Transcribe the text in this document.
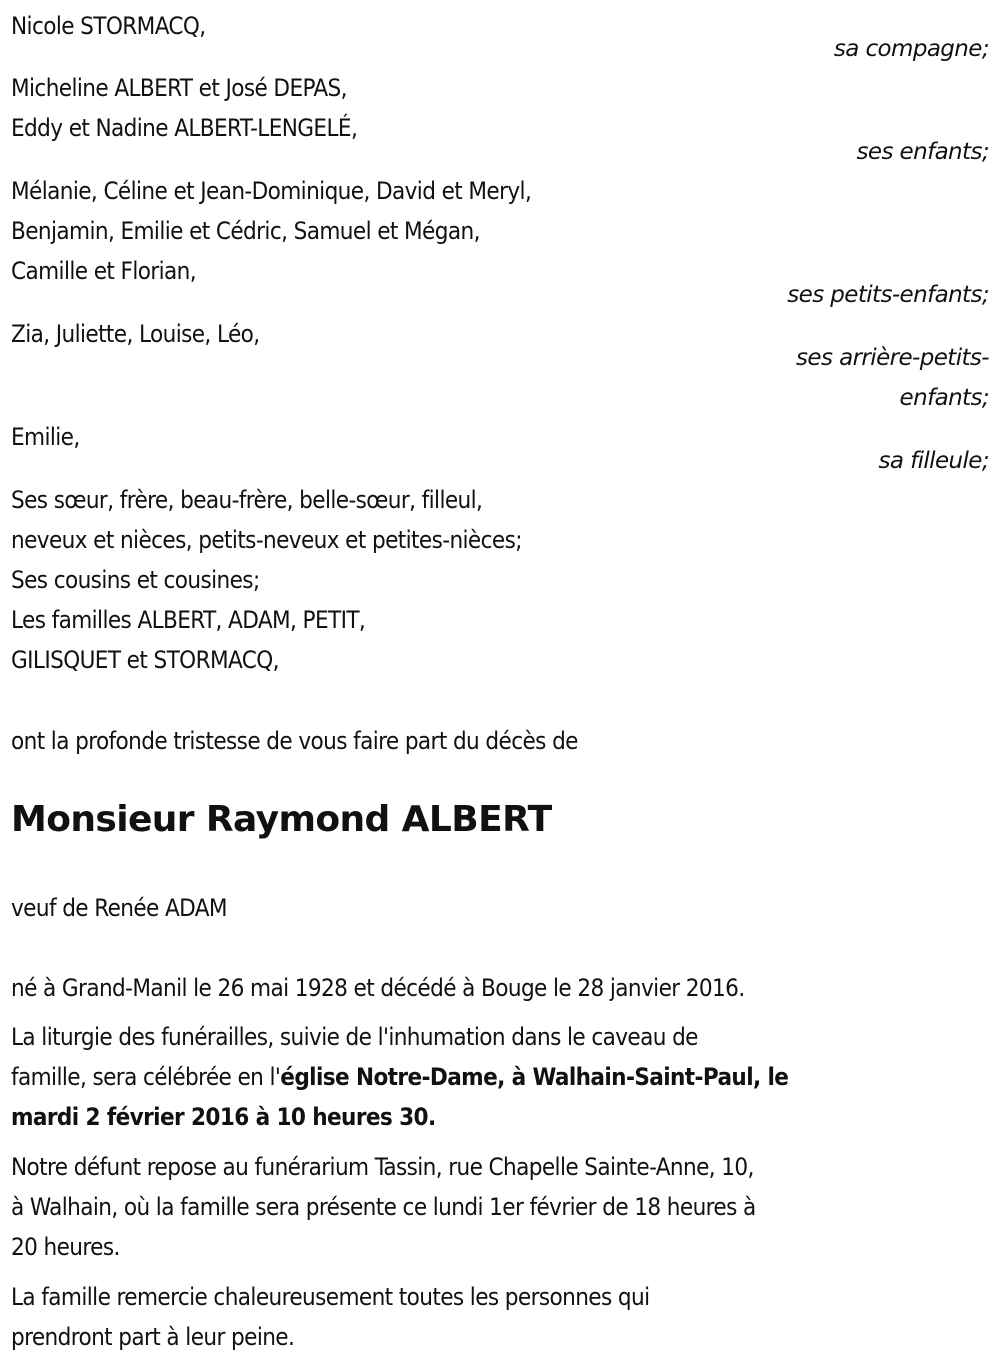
Nicole STORMACQ,
sa compagne;
Micheline ALBERT et José DEPAS,
Eddy et Nadine ALBERT-LENGELÉ,
ses enfants;
Mélanie, Céline et Jean-Dominique, David et Meryl,
Benjamin, Emilie et Cédric, Samuel et Mégan,
Camille et Florian,
ses petits-enfants;
Zia, Juliette, Louise, Léo,
ses arrière-petits-
enfants;
Emilie,
sa filleule;
Ses sœur, frère, beau-frère, belle-sœur, filleul,
neveux et nièces, petits-neveux et petites-nièces;
Ses cousins et cousines;
Les familles ALBERT, ADAM, PETIT,
GILISQUET et STORMACQ,
ont la profonde tristesse de vous faire part du décès de
Monsieur Raymond ALBERT
veuf de Renée ADAM
né à Grand-Manil le 26 mai 1928 et décédé à Bouge le 28 janvier 2016.
La liturgie des funérailles, suivie de l'inhumation dans le caveau de
famille, sera célébrée en l'église Notre-Dame, à Walhain-Saint-Paul, le
mardi 2 février 2016 à 10 heures 30.
Notre défunt repose au funérarium Tassin, rue Chapelle Sainte-Anne, 10,
à Walhain, où la famille sera présente ce lundi 1er février de 18 heures à
20 heures.
La famille remercie chaleureusement toutes les personnes qui
prendront part à leur peine.
